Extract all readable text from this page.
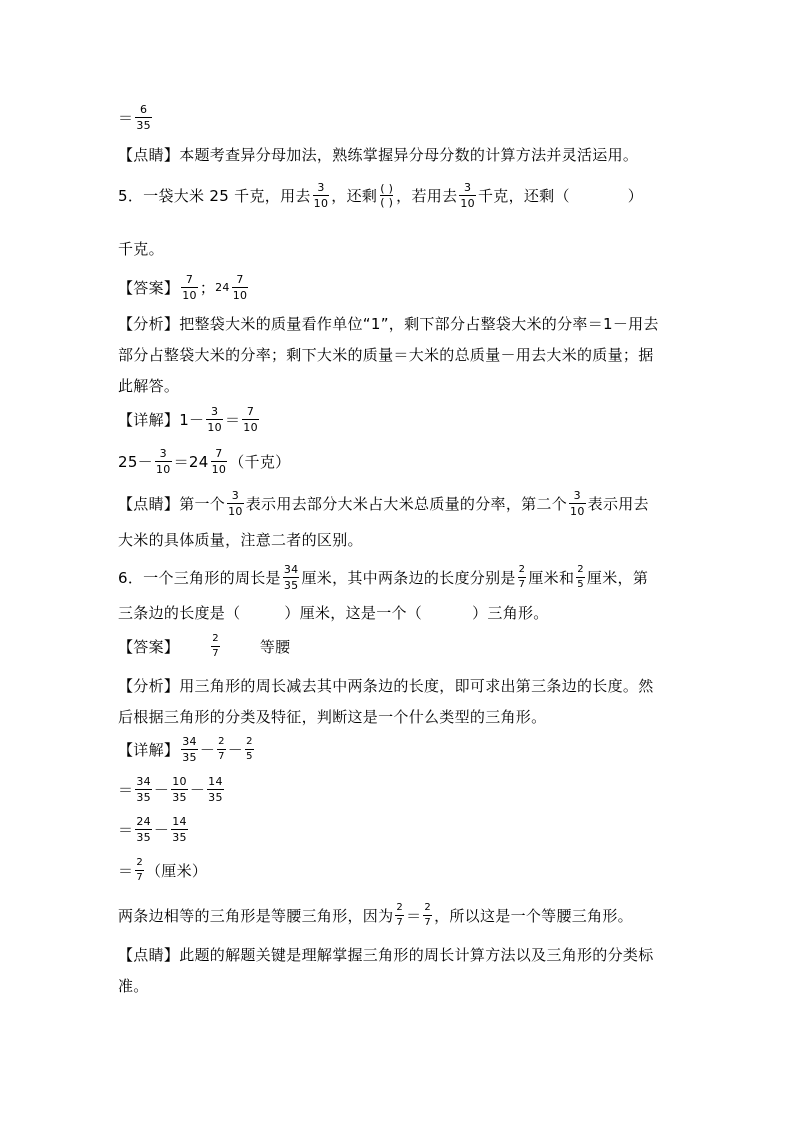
＝ $\frac{6}{35}$
【点睛】本题考查异分母加法，熟练掌握异分母分数的计算方法并灵活运用。
5．一袋大米 25 千克，用去 $\frac{3}{10}$ ，还剩 ( )
( ) ，若用去 $\frac{3}{10}$ 千克，还剩（	）
千克。
【答案】 $\frac{7}{10}$ ； $24 \frac{7}{10}$
【分析】把整袋大米的质量看作单位“1”，剩下部分占整袋大米的分率＝1－用去
部分占整袋大米的分率；剩下大米的质量＝大米的总质量－用去大米的质量；据
此解答。
【详解】 $1- \frac{3}{10} = \frac{7}{10}$
$25- \frac{3}{10} = 24 \frac{7}{10}$ （千克）
【点睛】第一个 $\frac{3}{10}$ 表示用去部分大米占大米总质量的分率，第二个 $\frac{3}{10}$ 表示用去
大米的具体质量，注意二者的区别。
6．一个三角形的周长是 $\frac{34}{35}$ 厘米，其中两条边的长度分别是 $\frac{2}{7}$ 厘米和 $\frac{2}{5}$ 厘米，第
三条边的长度是（	）厘米，这是一个（	）三角形。
【答案】	$\frac{2}{7}$	等腰
【分析】用三角形的周长减去其中两条边的长度，即可求出第三条边的长度。然
后根据三角形的分类及特征，判断这是一个什么类型的三角形。
【详解】 $\frac{34}{35} - \frac{2}{7} - \frac{2}{5}$
＝ $\frac{34}{35} - \frac{10}{35} - \frac{14}{35}$
＝ $\frac{24}{35} - \frac{14}{35}$
＝ $\frac{2}{7}$ （厘米）
两条边相等的三角形是等腰三角形，因为 $\frac{2}{7} = \frac{2}{7}$ ，所以这是一个等腰三角形。
【点睛】此题的解题关键是理解掌握三角形的周长计算方法以及三角形的分类标
准。
